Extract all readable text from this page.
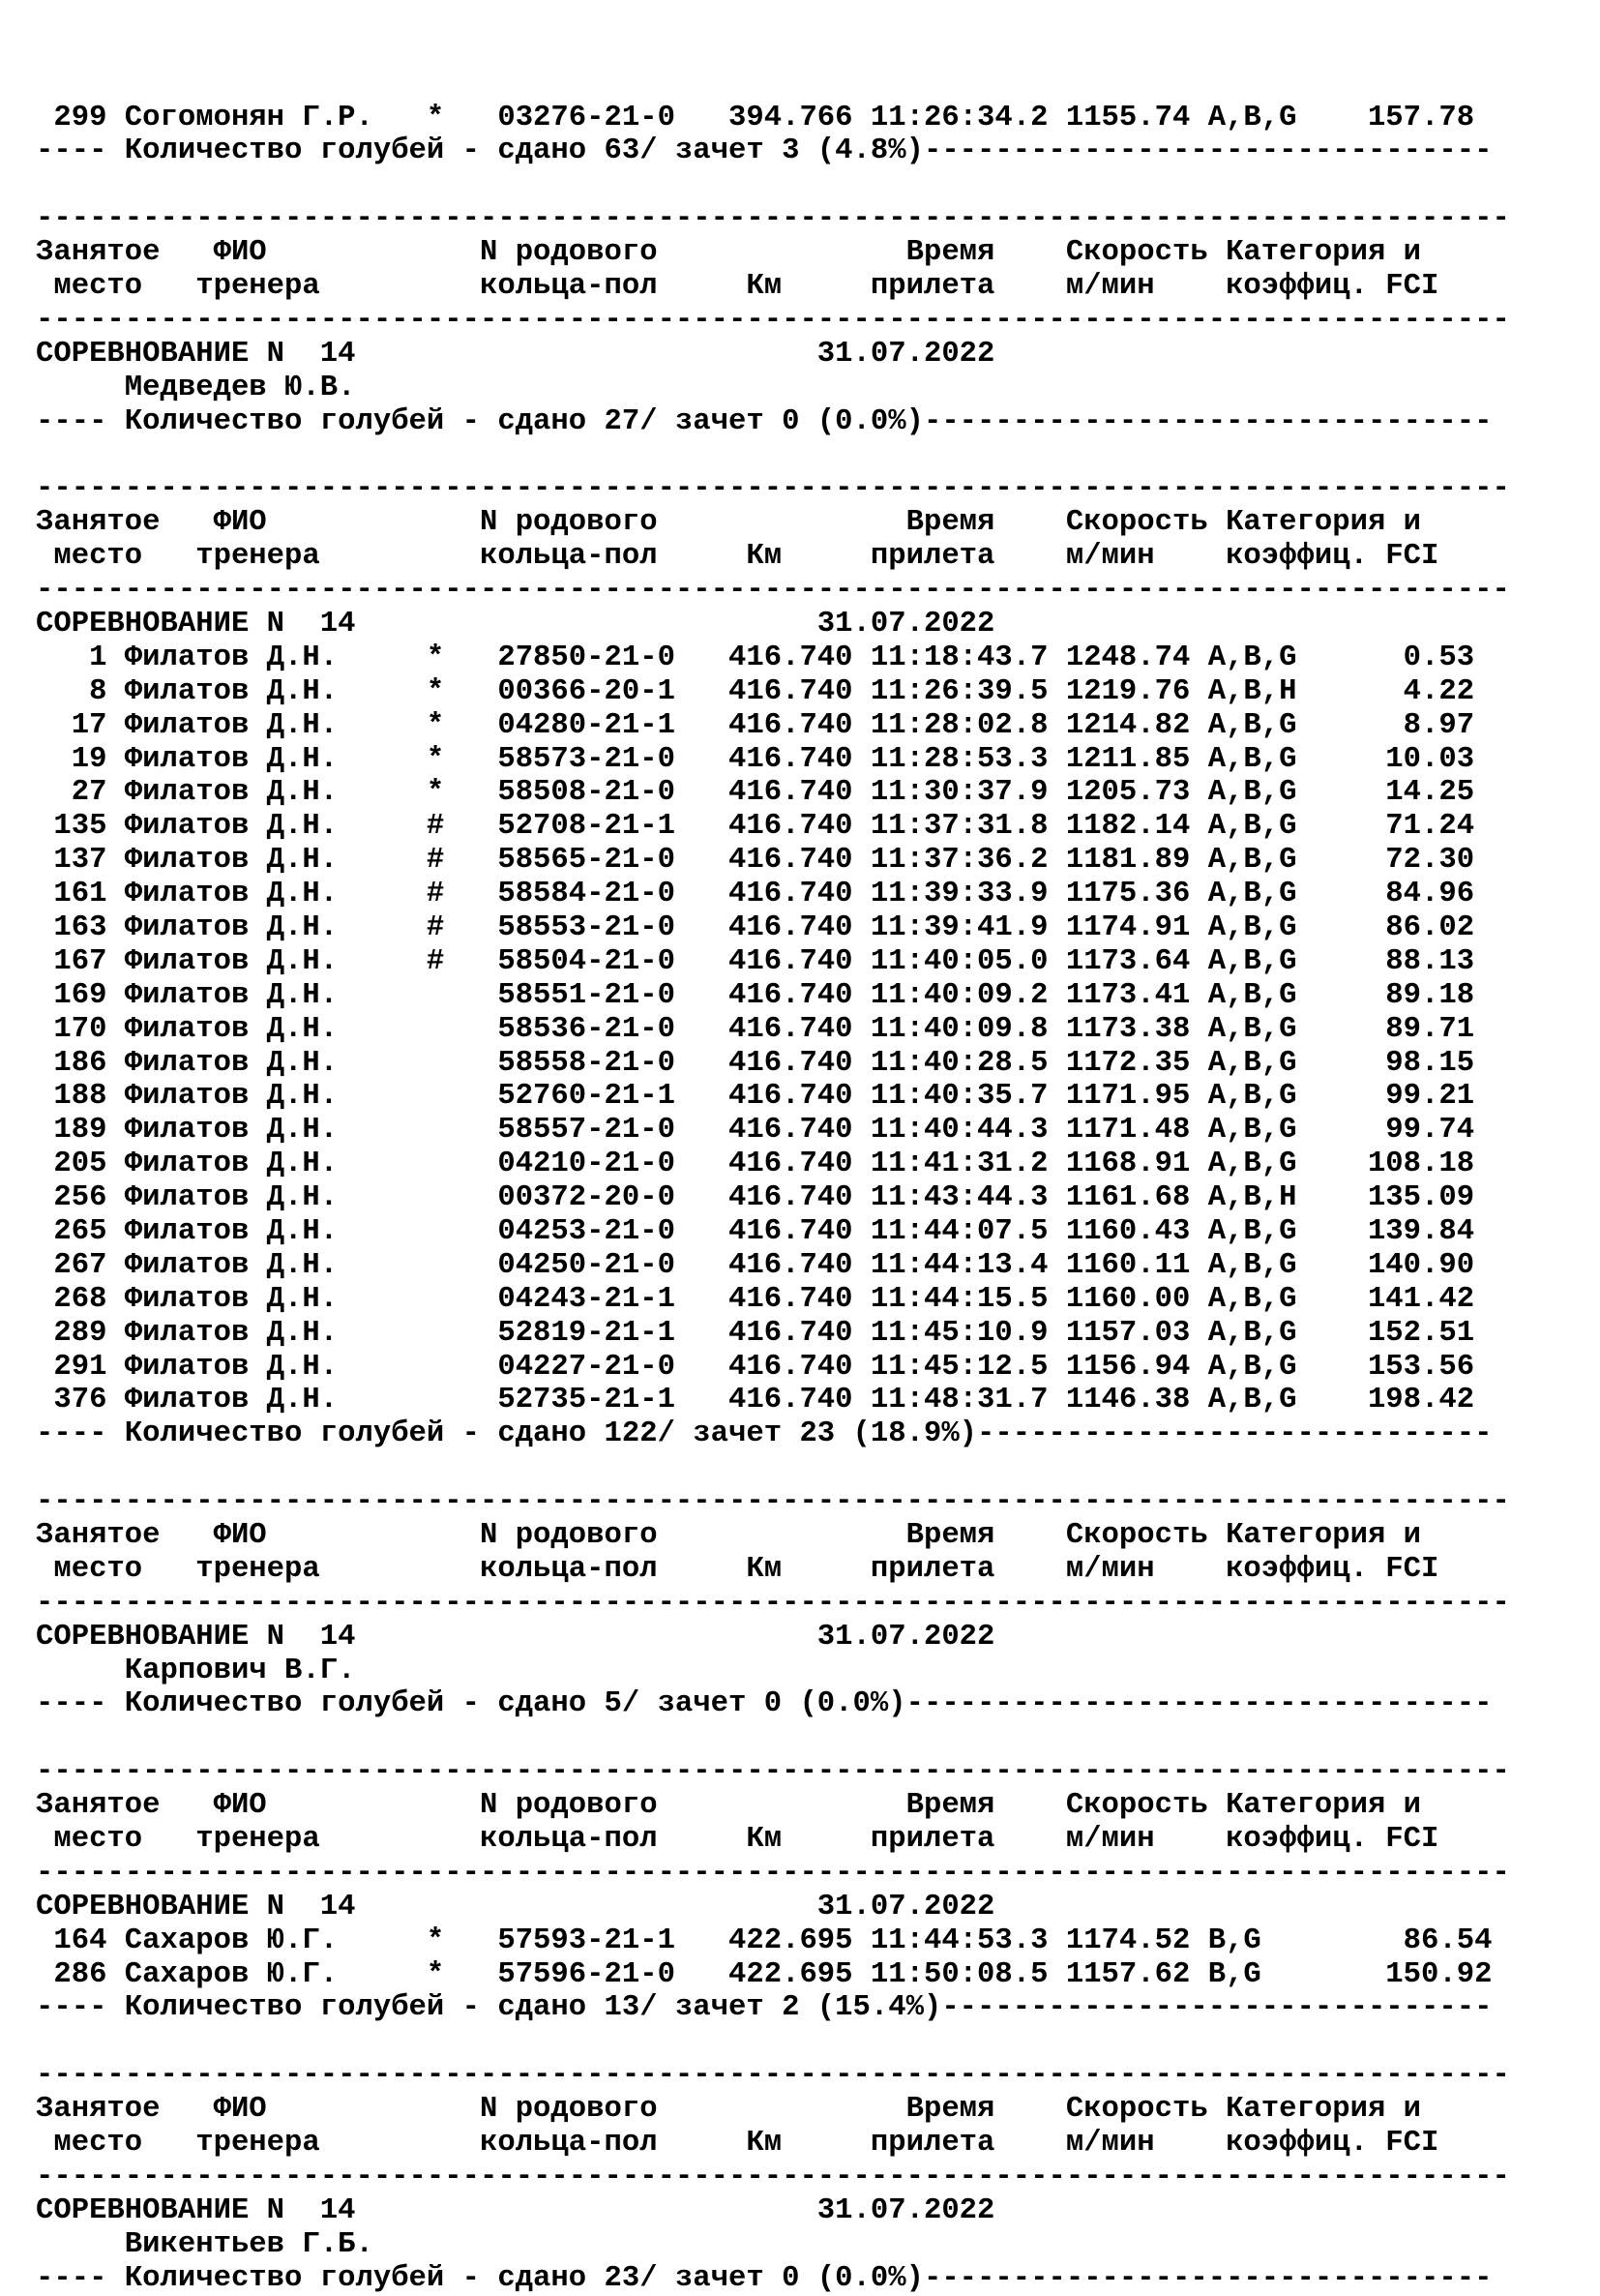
299 Согомонян Г.Р.   *   03276-21-0   394.766 11:26:34.2 1155.74 A,B,G    157.78
---- Количество голубей - сдано 63/ зачет 3 (4.8%)--------------------------------

-----------------------------------------------------------------------------------
Занятое   ФИО            N родового              Время    Скорость Категория и
место   тренера         кольца-пол     Км     прилета    м/мин    коэффиц. FCI
-----------------------------------------------------------------------------------
СОРЕВНОВАНИЕ N  14                          31.07.2022
Медведев Ю.В.
---- Количество голубей - сдано 27/ зачет 0 (0.0%)--------------------------------

-----------------------------------------------------------------------------------
Занятое   ФИО            N родового              Время    Скорость Категория и
место   тренера         кольца-пол     Км     прилета    м/мин    коэффиц. FCI
-----------------------------------------------------------------------------------
СОРЕВНОВАНИЕ N  14                          31.07.2022
1 Филатов Д.Н.     *   27850-21-0   416.740 11:18:43.7 1248.74 A,B,G      0.53
8 Филатов Д.Н.     *   00366-20-1   416.740 11:26:39.5 1219.76 A,B,H      4.22
17 Филатов Д.Н.     *   04280-21-1   416.740 11:28:02.8 1214.82 A,B,G      8.97
19 Филатов Д.Н.     *   58573-21-0   416.740 11:28:53.3 1211.85 A,B,G     10.03
27 Филатов Д.Н.     *   58508-21-0   416.740 11:30:37.9 1205.73 A,B,G     14.25
135 Филатов Д.Н.     #   52708-21-1   416.740 11:37:31.8 1182.14 A,B,G     71.24
137 Филатов Д.Н.     #   58565-21-0   416.740 11:37:36.2 1181.89 A,B,G     72.30
161 Филатов Д.Н.     #   58584-21-0   416.740 11:39:33.9 1175.36 A,B,G     84.96
163 Филатов Д.Н.     #   58553-21-0   416.740 11:39:41.9 1174.91 A,B,G     86.02
167 Филатов Д.Н.     #   58504-21-0   416.740 11:40:05.0 1173.64 A,B,G     88.13
169 Филатов Д.Н.         58551-21-0   416.740 11:40:09.2 1173.41 A,B,G     89.18
170 Филатов Д.Н.         58536-21-0   416.740 11:40:09.8 1173.38 A,B,G     89.71
186 Филатов Д.Н.         58558-21-0   416.740 11:40:28.5 1172.35 A,B,G     98.15
188 Филатов Д.Н.         52760-21-1   416.740 11:40:35.7 1171.95 A,B,G     99.21
189 Филатов Д.Н.         58557-21-0   416.740 11:40:44.3 1171.48 A,B,G     99.74
205 Филатов Д.Н.         04210-21-0   416.740 11:41:31.2 1168.91 A,B,G    108.18
256 Филатов Д.Н.         00372-20-0   416.740 11:43:44.3 1161.68 A,B,H    135.09
265 Филатов Д.Н.         04253-21-0   416.740 11:44:07.5 1160.43 A,B,G    139.84
267 Филатов Д.Н.         04250-21-0   416.740 11:44:13.4 1160.11 A,B,G    140.90
268 Филатов Д.Н.         04243-21-1   416.740 11:44:15.5 1160.00 A,B,G    141.42
289 Филатов Д.Н.         52819-21-1   416.740 11:45:10.9 1157.03 A,B,G    152.51
291 Филатов Д.Н.         04227-21-0   416.740 11:45:12.5 1156.94 A,B,G    153.56
376 Филатов Д.Н.         52735-21-1   416.740 11:48:31.7 1146.38 A,B,G    198.42
---- Количество голубей - сдано 122/ зачет 23 (18.9%)-----------------------------

-----------------------------------------------------------------------------------
Занятое   ФИО            N родового              Время    Скорость Категория и
место   тренера         кольца-пол     Км     прилета    м/мин    коэффиц. FCI
-----------------------------------------------------------------------------------
СОРЕВНОВАНИЕ N  14                          31.07.2022
Карпович В.Г.
---- Количество голубей - сдано 5/ зачет 0 (0.0%)---------------------------------

-----------------------------------------------------------------------------------
Занятое   ФИО            N родового              Время    Скорость Категория и
место   тренера         кольца-пол     Км     прилета    м/мин    коэффиц. FCI
-----------------------------------------------------------------------------------
СОРЕВНОВАНИЕ N  14                          31.07.2022
164 Сахаров Ю.Г.     *   57593-21-1   422.695 11:44:53.3 1174.52 B,G        86.54
286 Сахаров Ю.Г.     *   57596-21-0   422.695 11:50:08.5 1157.62 B,G       150.92
---- Количество голубей - сдано 13/ зачет 2 (15.4%)-------------------------------

-----------------------------------------------------------------------------------
Занятое   ФИО            N родового              Время    Скорость Категория и
место   тренера         кольца-пол     Км     прилета    м/мин    коэффиц. FCI
-----------------------------------------------------------------------------------
СОРЕВНОВАНИЕ N  14                          31.07.2022
Викентьев Г.Б.
---- Количество голубей - сдано 23/ зачет 0 (0.0%)--------------------------------
